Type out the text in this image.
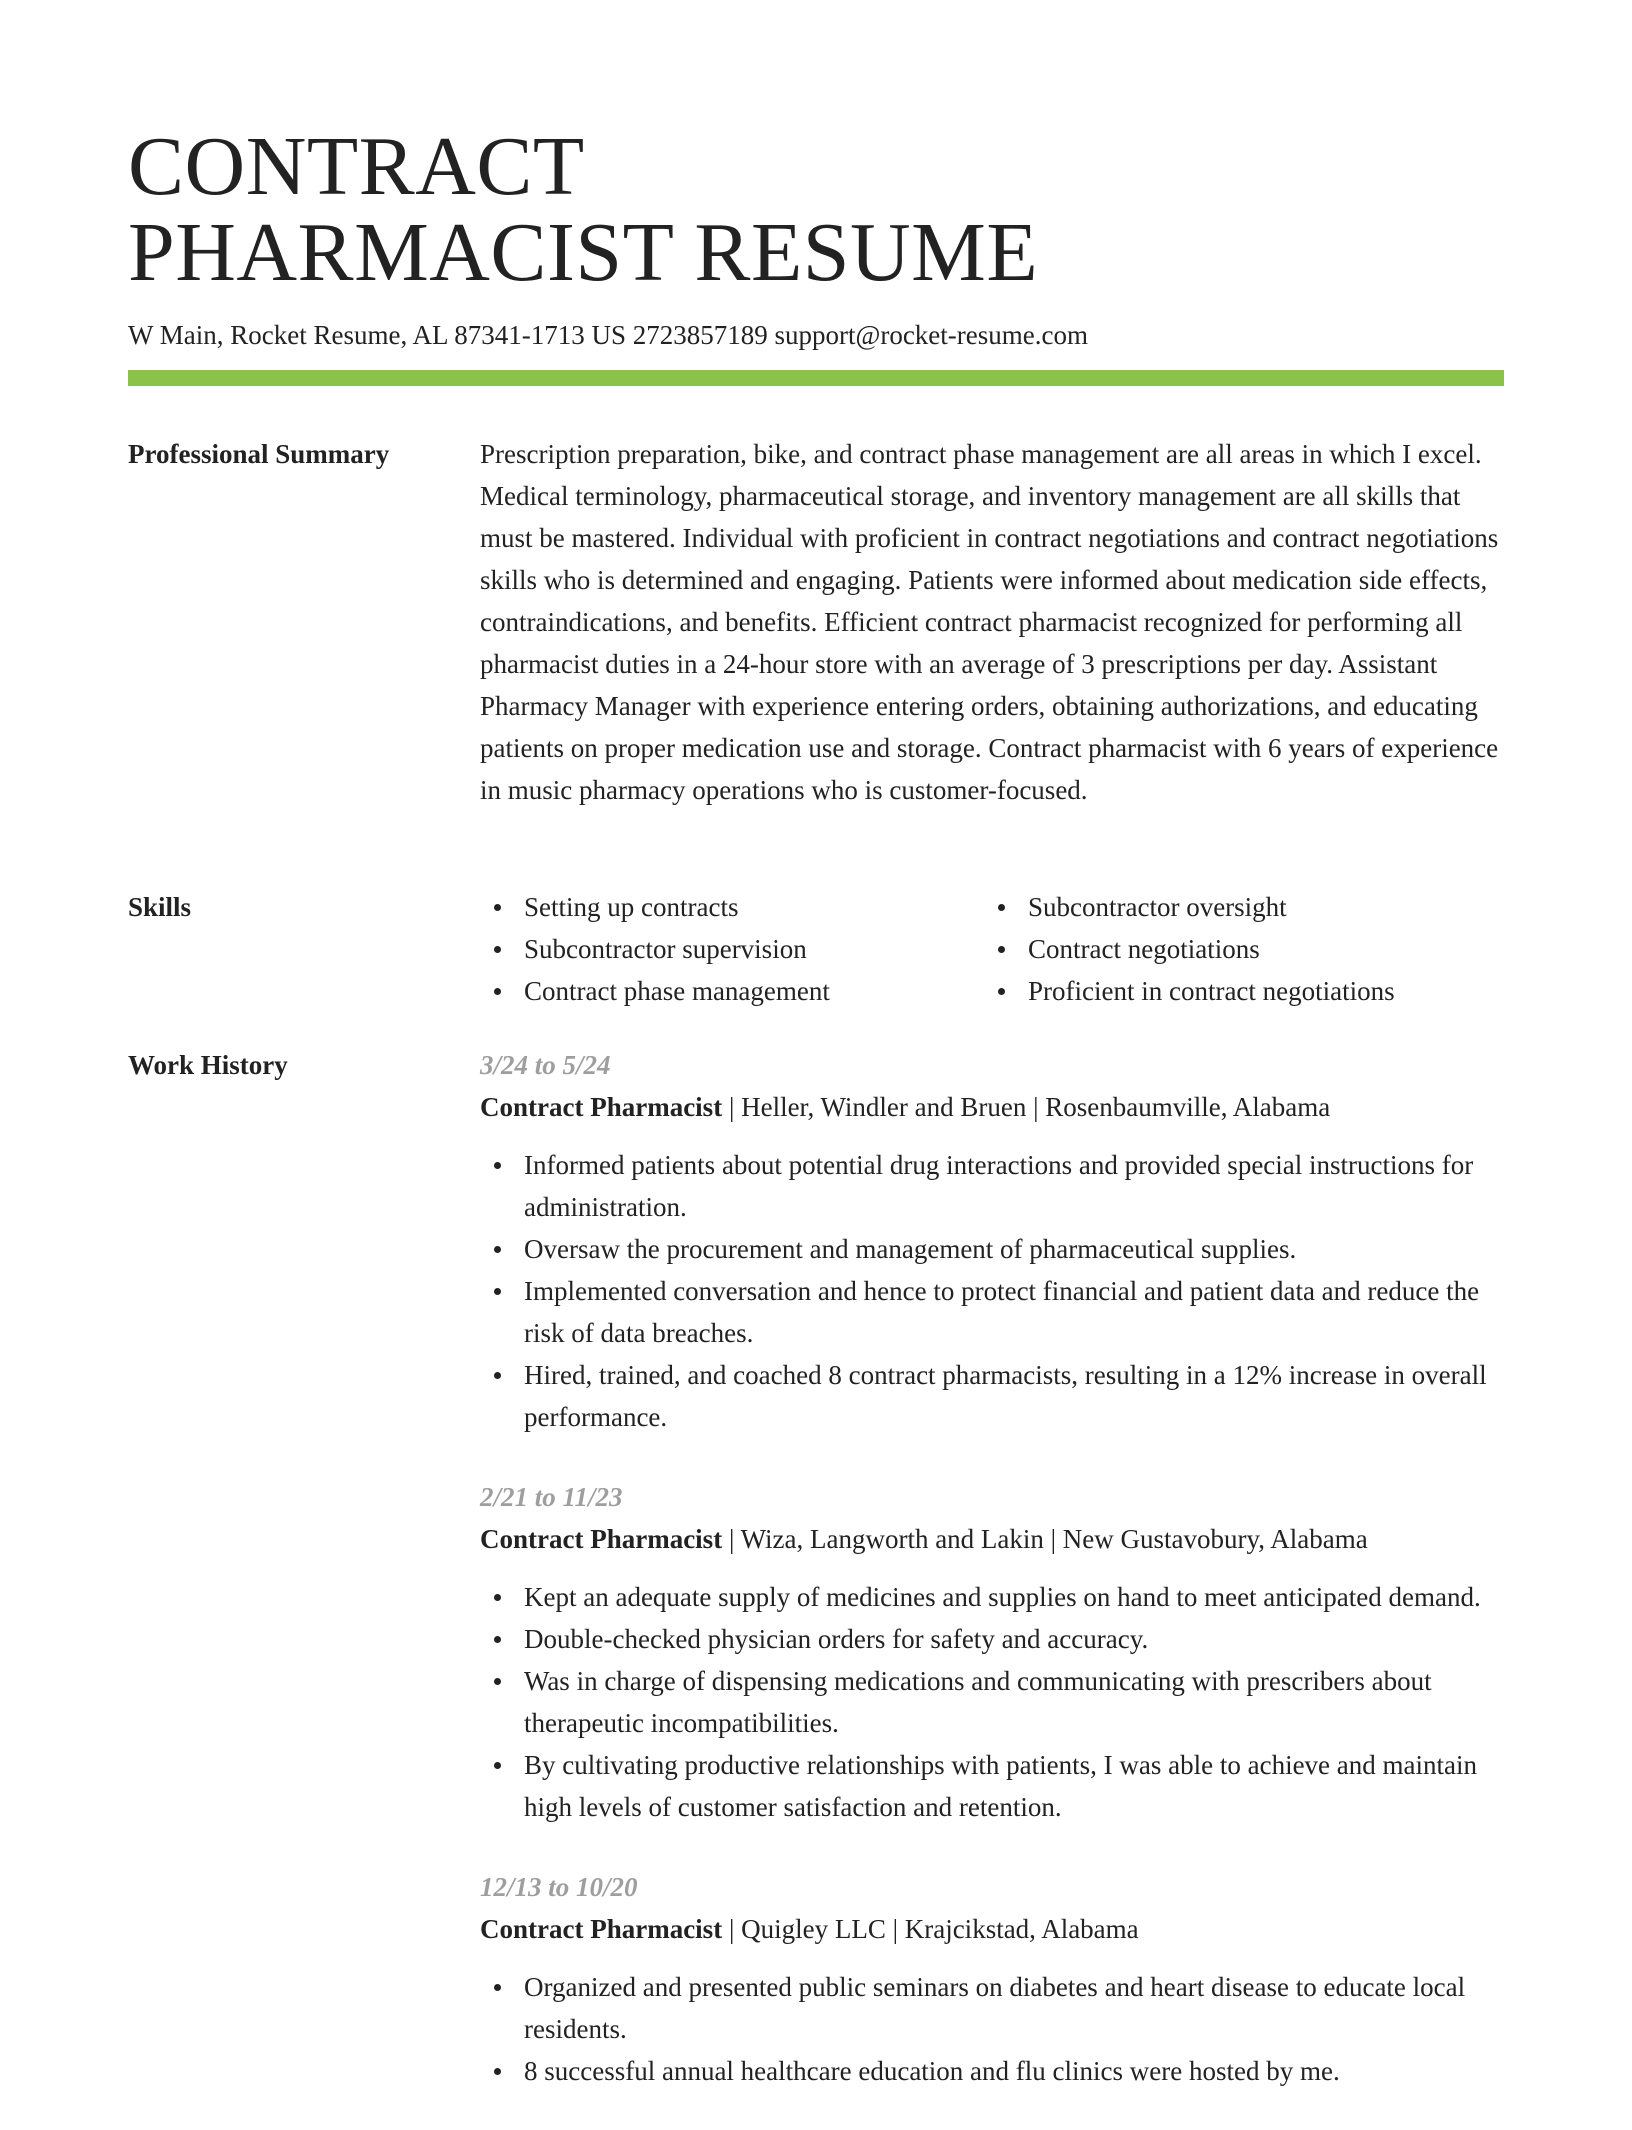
CONTRACT
PHARMACIST RESUME
W Main, Rocket Resume, AL 87341-1713 US 2723857189 support@rocket-resume.com
Professional Summary	Prescription preparation, bike, and contract phase management are all areas in which I excel. Medical terminology, pharmaceutical storage, and inventory management are all skills that must be mastered. Individual with proficient in contract negotiations and contract negotiations skills who is determined and engaging. Patients were informed about medication side effects, contraindications, and benefits. Efficient contract pharmacist recognized for performing all pharmacist duties in a 24-hour store with an average of 3 prescriptions per day. Assistant Pharmacy Manager with experience entering orders, obtaining authorizations, and educating patients on proper medication use and storage. Contract pharmacist with 6 years of experience in music pharmacy operations who is customer-focused.

Skills	Setting up contracts
Subcontractor supervision
Contract phase management
Subcontractor oversight
Contract negotiations
Proficient in contract negotiations
Work History	3/24 to 5/24
Contract Pharmacist | Heller, Windler and Bruen | Rosenbaumville, Alabama
Informed patients about potential drug interactions and provided special instructions for administration.
Oversaw the procurement and management of pharmaceutical supplies.
Implemented conversation and hence to protect financial and patient data and reduce the risk of data breaches.
Hired, trained, and coached 8 contract pharmacists, resulting in a 12% increase in overall performance.
2/21 to 11/23
Contract Pharmacist | Wiza, Langworth and Lakin | New Gustavobury, Alabama
Kept an adequate supply of medicines and supplies on hand to meet anticipated demand.
Double-checked physician orders for safety and accuracy.
Was in charge of dispensing medications and communicating with prescribers about therapeutic incompatibilities.
By cultivating productive relationships with patients, I was able to achieve and maintain high levels of customer satisfaction and retention.
12/13 to 10/20
Contract Pharmacist | Quigley LLC | Krajcikstad, Alabama
Organized and presented public seminars on diabetes and heart disease to educate local residents.
8 successful annual healthcare education and flu clinics were hosted by me.
